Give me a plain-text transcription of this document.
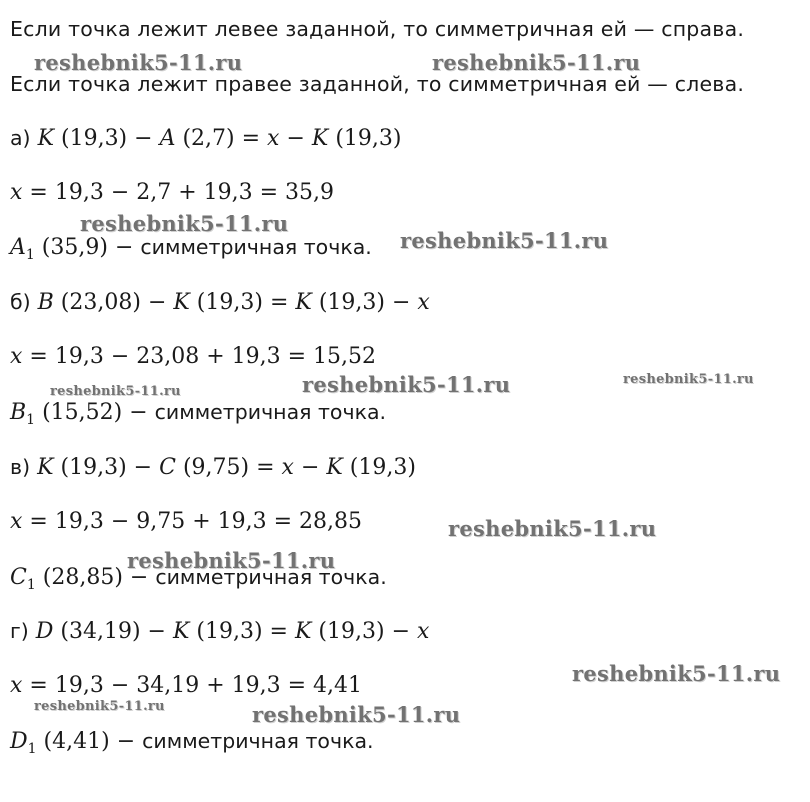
Если точка лежит левее заданной, то симметричная ей — справа.
Если точка лежит правее заданной, то симметричная ей — слева.
а) K (19,3) − A (2,7) = x − K (19,3)
x = 19,3 − 2,7 + 19,3 = 35,9
$A_1$ (35,9) − симметричная точка.
б) B (23,08) − K (19,3) = K (19,3) − x
x = 19,3 − 23,08 + 19,3 = 15,52
$B_1$ (15,52) − симметричная точка.
в) K (19,3) − C (9,75) = x − K (19,3)
x = 19,3 − 9,75 + 19,3 = 28,85
$C_1$ (28,85) − симметричная точка.
г) D (34,19) − K (19,3) = K (19,3) − x
x = 19,3 − 34,19 + 19,3 = 4,41
$D_1$ (4,41) − симметричная точка.
reshebnik5-11.ru	reshebnik5-11.ru
reshebnik5-11.ru
reshebnik5-11.ru
reshebnik5-11.ru	reshebnik5-11.ru	reshebnik5-11.ru
reshebnik5-11.ru
reshebnik5-11.ru
reshebnik5-11.ru
reshebnik5-11.ru	reshebnik5-11.ru
